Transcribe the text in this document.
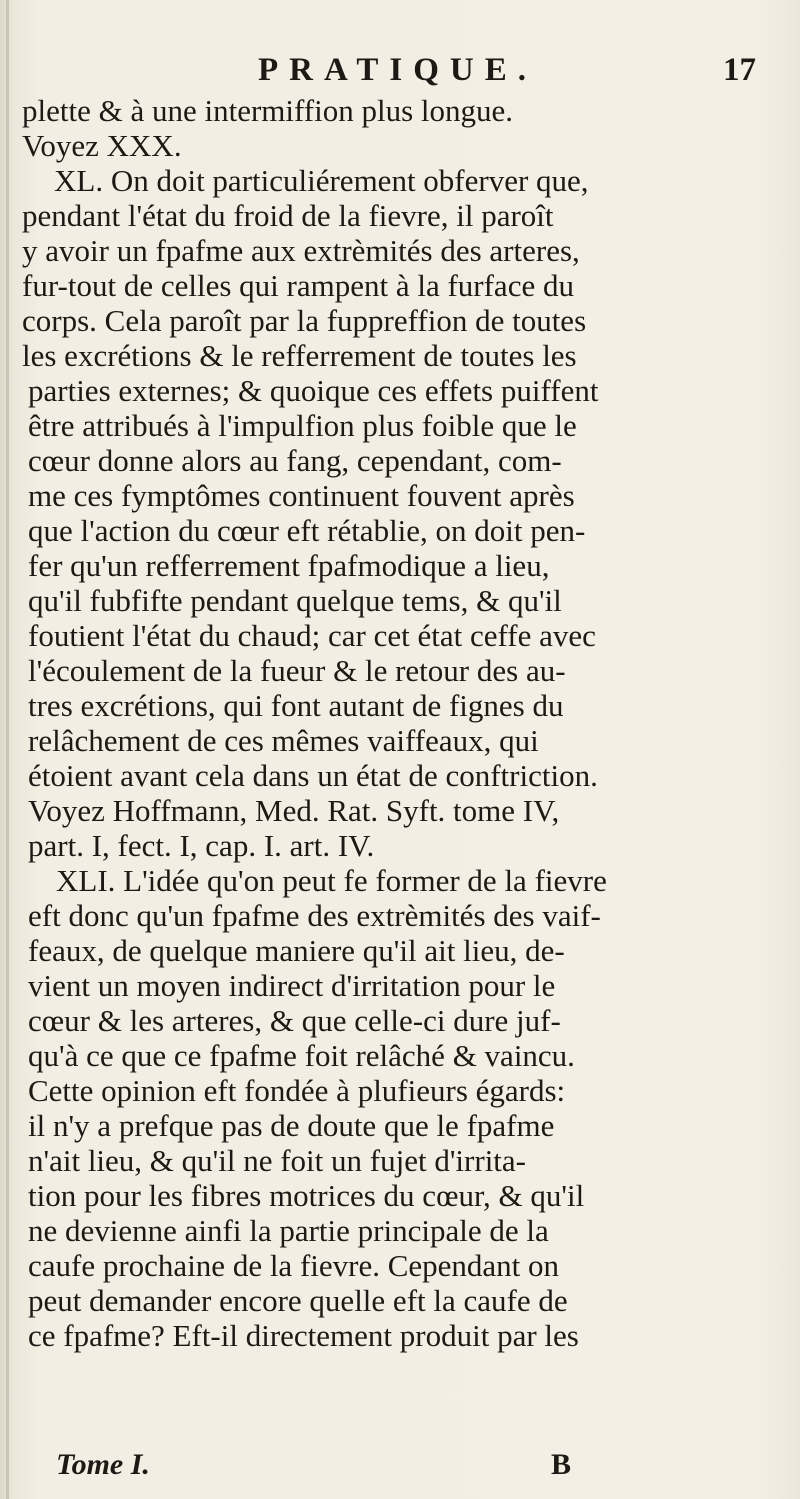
PRATIQUE.	17
plette & à une intermiffion plus longue.
Voyez XXX.
XL. On doit particuliérement obferver que,
pendant l'état du froid de la fievre, il paroît
y avoir un fpafme aux extrèmités des arteres,
fur-tout de celles qui rampent à la furface du
corps. Cela paroît par la fuppreffion de toutes
les excrétions & le refferrement de toutes les
parties externes; & quoique ces effets puiffent
être attribués à l'impulfion plus foible que le
cœur donne alors au fang, cependant, com-
me ces fymptômes continuent fouvent après
que l'action du cœur eft rétablie, on doit pen-
fer qu'un refferrement fpafmodique a lieu,
qu'il fubfifte pendant quelque tems, & qu'il
foutient l'état du chaud; car cet état ceffe avec
l'écoulement de la fueur & le retour des au-
tres excrétions, qui font autant de fignes du
relâchement de ces mêmes vaiffeaux, qui
étoient avant cela dans un état de conftriction.
Voyez Hoffmann, Med. Rat. Syft. tome IV,
part. I, fect. I, cap. I. art. IV.
XLI. L'idée qu'on peut fe former de la fievre
eft donc qu'un fpafme des extrèmités des vaif-
feaux, de quelque maniere qu'il ait lieu, de-
vient un moyen indirect d'irritation pour le
cœur & les arteres, & que celle-ci dure juf-
qu'à ce que ce fpafme foit relâché & vaincu.
Cette opinion eft fondée à plufieurs égards:
il n'y a prefque pas de doute que le fpafme
n'ait lieu, & qu'il ne foit un fujet d'irrita-
tion pour les fibres motrices du cœur, & qu'il
ne devienne ainfi la partie principale de la
caufe prochaine de la fievre. Cependant on
peut demander encore quelle eft la caufe de
ce fpafme? Eft-il directement produit par les
Tome I.	B
